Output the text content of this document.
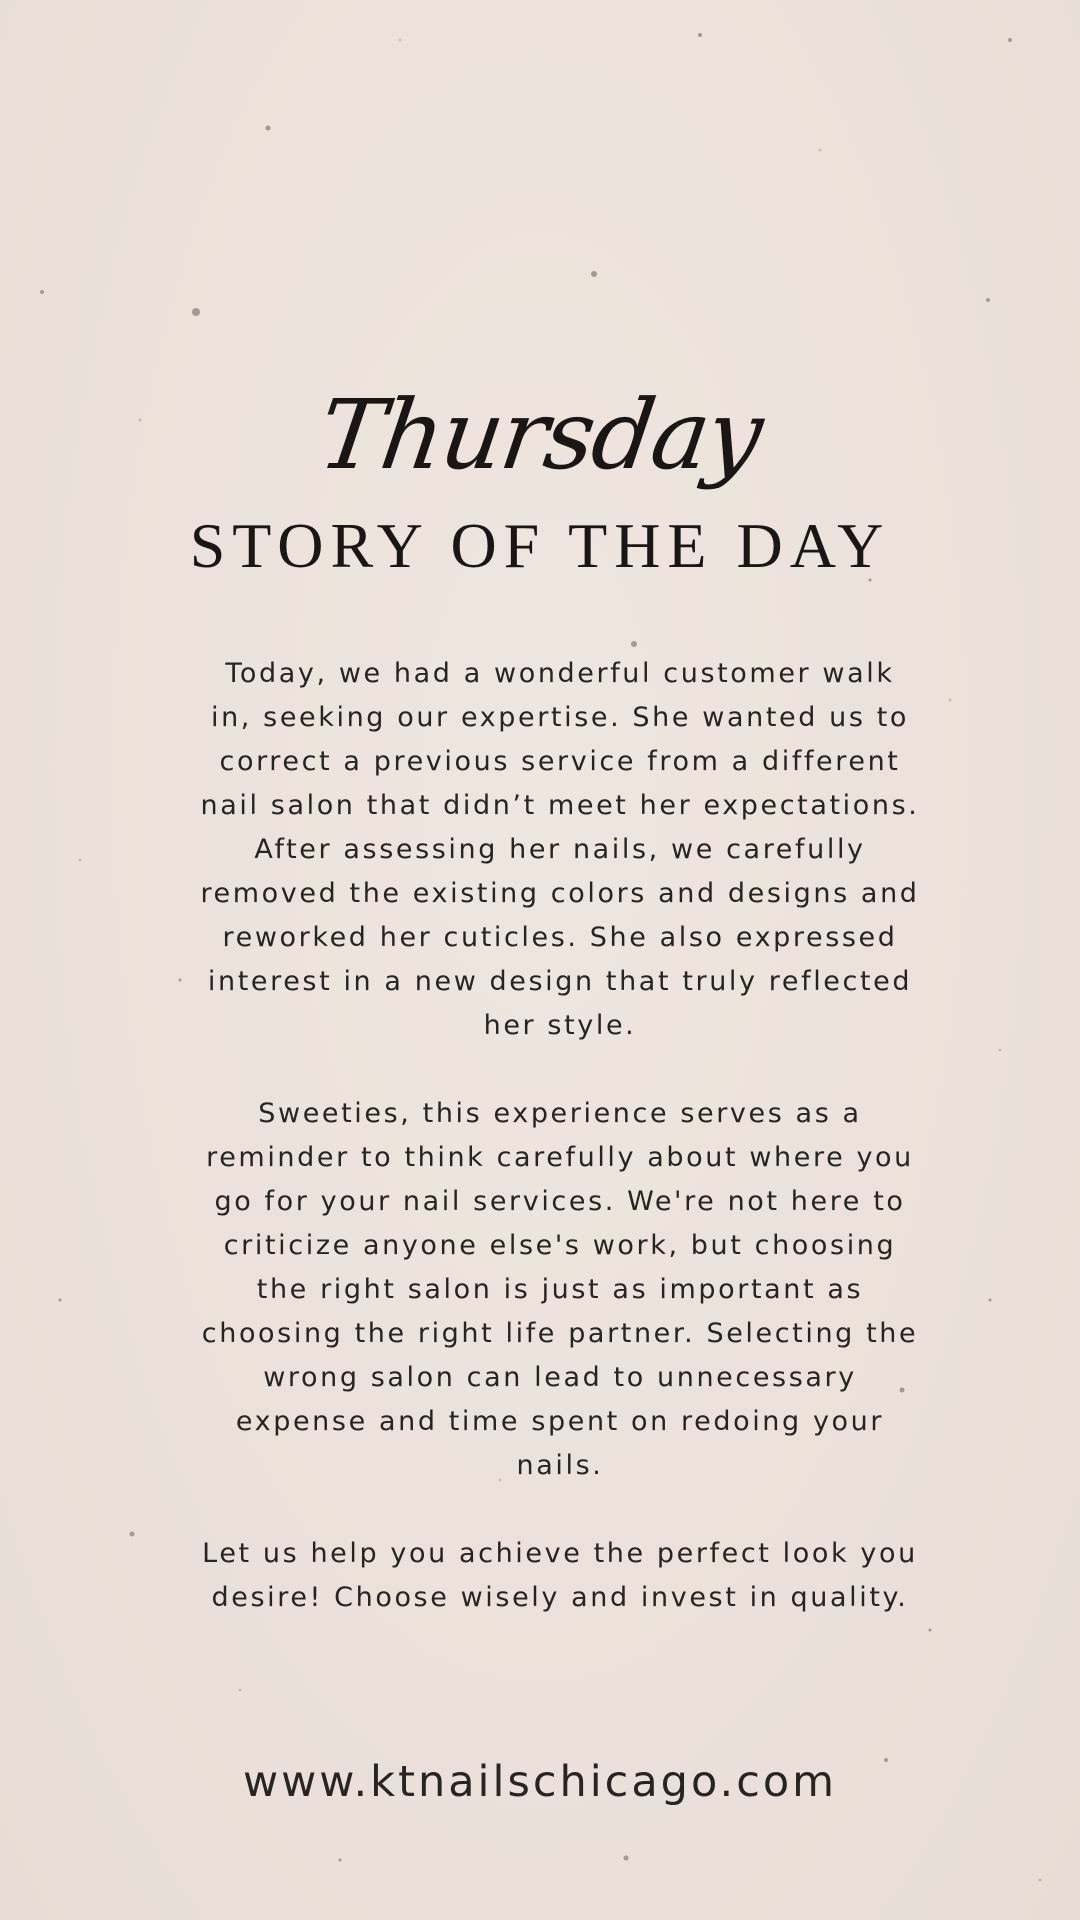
Thursday
STORY OF THE DAY

Today, we had a wonderful customer walk in, seeking our expertise. She wanted us to correct a previous service from a different nail salon that didn’t meet her expectations. After assessing her nails, we carefully removed the existing colors and designs and reworked her cuticles. She also expressed interest in a new design that truly reflected her style.

Sweeties, this experience serves as a reminder to think carefully about where you go for your nail services. We're not here to criticize anyone else's work, but choosing the right salon is just as important as choosing the right life partner. Selecting the wrong salon can lead to unnecessary expense and time spent on redoing your nails.

Let us help you achieve the perfect look you desire! Choose wisely and invest in quality.

www.ktnailschicago.com
